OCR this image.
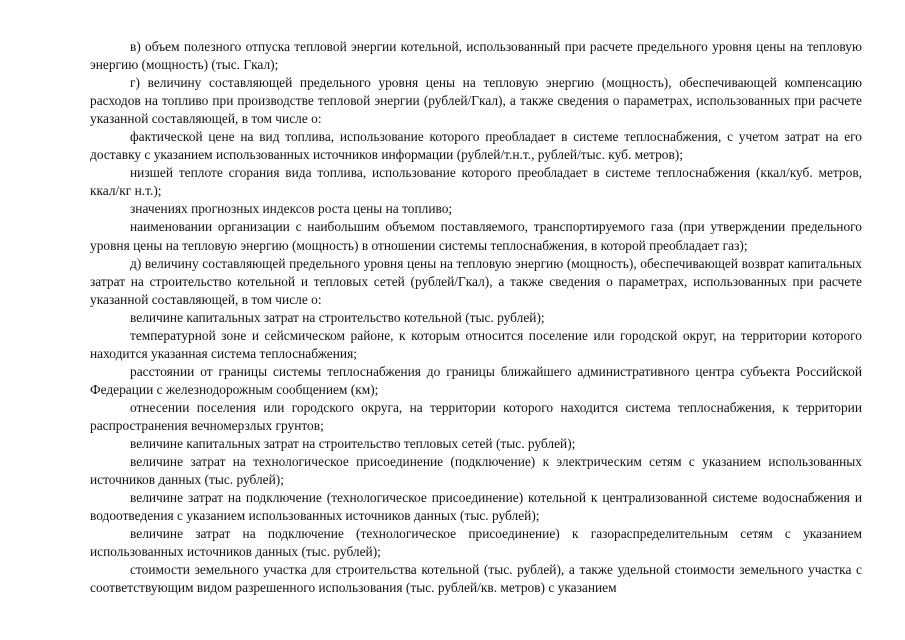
в) объем полезного отпуска тепловой энергии котельной, использованный при расчете предельного уровня цены на тепловую энергию (мощность) (тыс. Гкал);

г) величину составляющей предельного уровня цены на тепловую энергию (мощность), обеспечивающей компенсацию расходов на топливо при производстве тепловой энергии (рублей/Гкал), а также сведения о параметрах, использованных при расчете указанной составляющей, в том числе о:

фактической цене на вид топлива, использование которого преобладает в системе теплоснабжения, с учетом затрат на его доставку с указанием использованных источников информации (рублей/т.н.т., рублей/тыс. куб. метров);

низшей теплоте сгорания вида топлива, использование которого преобладает в системе теплоснабжения (ккал/куб. метров, ккал/кг н.т.);

значениях прогнозных индексов роста цены на топливо;

наименовании организации с наибольшим объемом поставляемого, транспортируемого газа (при утверждении предельного уровня цены на тепловую энергию (мощность) в отношении системы теплоснабжения, в которой преобладает газ);

д) величину составляющей предельного уровня цены на тепловую энергию (мощность), обеспечивающей возврат капитальных затрат на строительство котельной и тепловых сетей (рублей/Гкал), а также сведения о параметрах, использованных при расчете указанной составляющей, в том числе о:

величине капитальных затрат на строительство котельной (тыс. рублей);

температурной зоне и сейсмическом районе, к которым относится поселение или городской округ, на территории которого находится указанная система теплоснабжения;

расстоянии от границы системы теплоснабжения до границы ближайшего административного центра субъекта Российской Федерации с железнодорожным сообщением (км);

отнесении поселения или городского округа, на территории которого находится система теплоснабжения, к территории распространения вечномерзлых грунтов;

величине капитальных затрат на строительство тепловых сетей (тыс. рублей);

величине затрат на технологическое присоединение (подключение) к электрическим сетям с указанием использованных источников данных (тыс. рублей);

величине затрат на подключение (технологическое присоединение) котельной к централизованной системе водоснабжения и водоотведения с указанием использованных источников данных (тыс. рублей);

величине затрат на подключение (технологическое присоединение) к газораспределительным сетям с указанием использованных источников данных (тыс. рублей);

стоимости земельного участка для строительства котельной (тыс. рублей), а также удельной стоимости земельного участка с соответствующим видом разрешенного использования (тыс. рублей/кв. метров) с указанием
